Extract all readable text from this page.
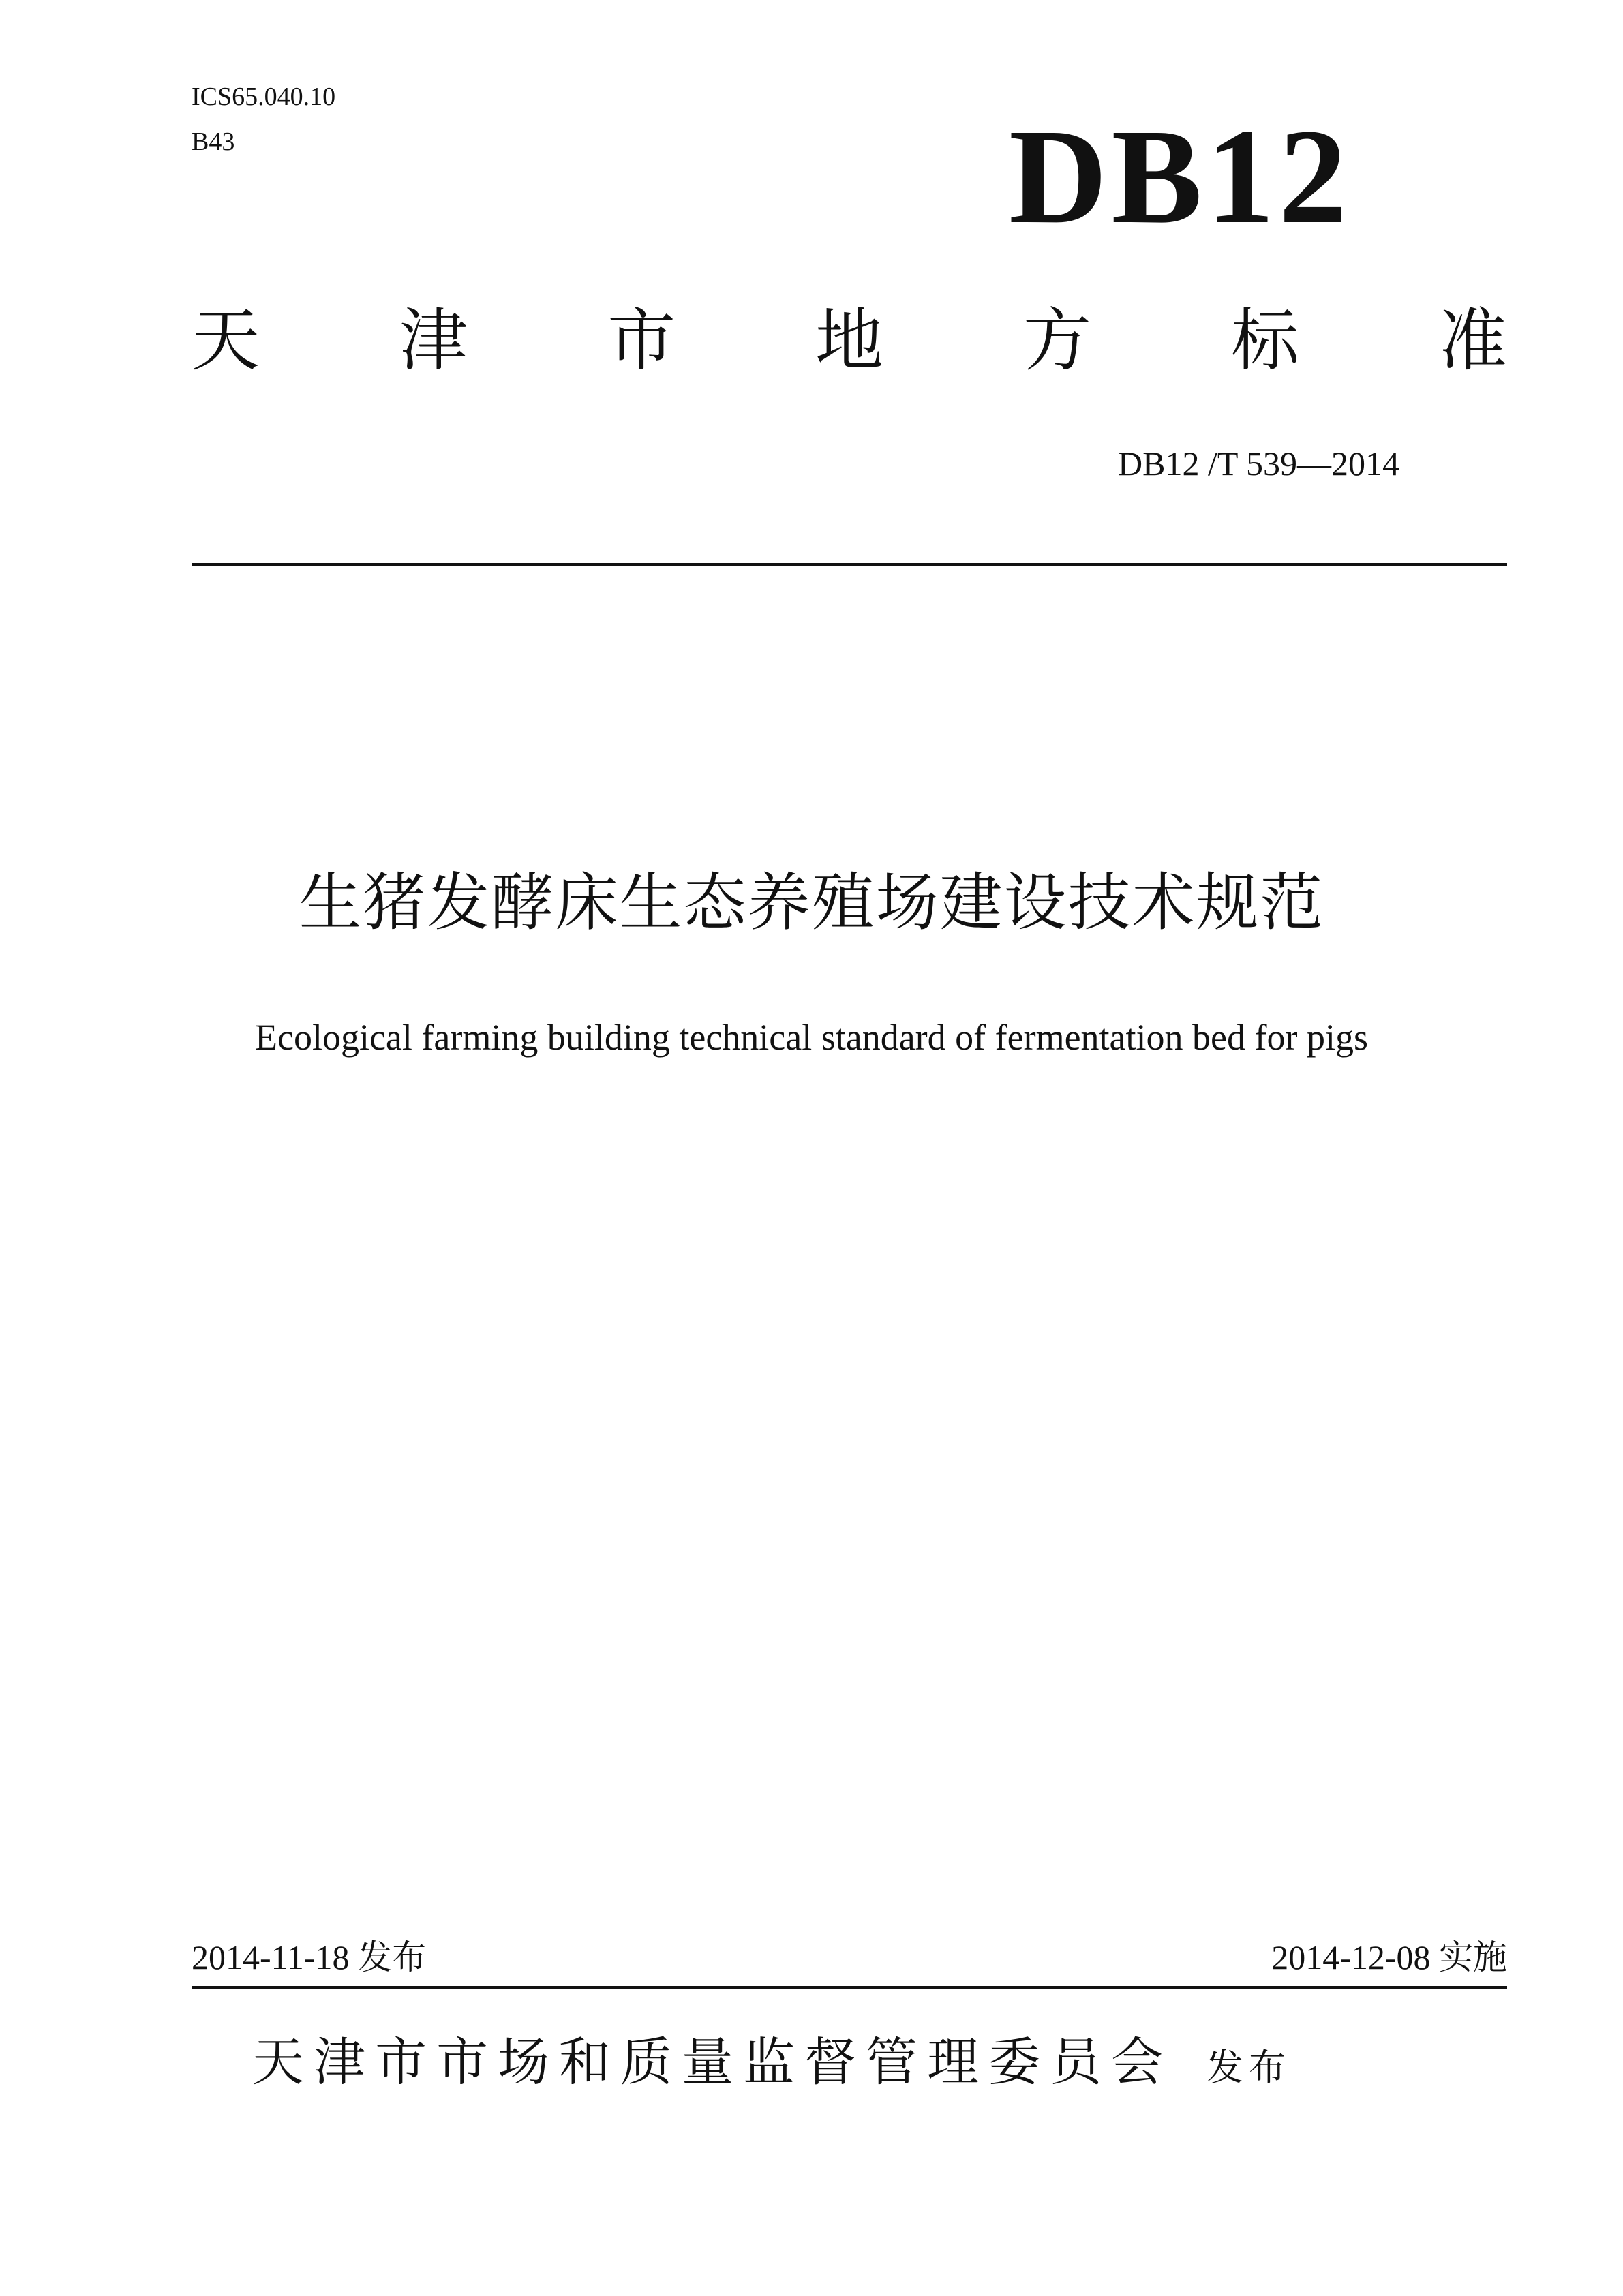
ICS65.040.10
B43	DB12
天 津 市 地 方 标 准
DB12 /T 539—2014
生猪发酵床生态养殖场建设技术规范
Ecological farming building technical standard of fermentation bed for pigs
2014-11-18 发布	2014-12-08 实施
天津市市场和质量监督管理委员会 发布
